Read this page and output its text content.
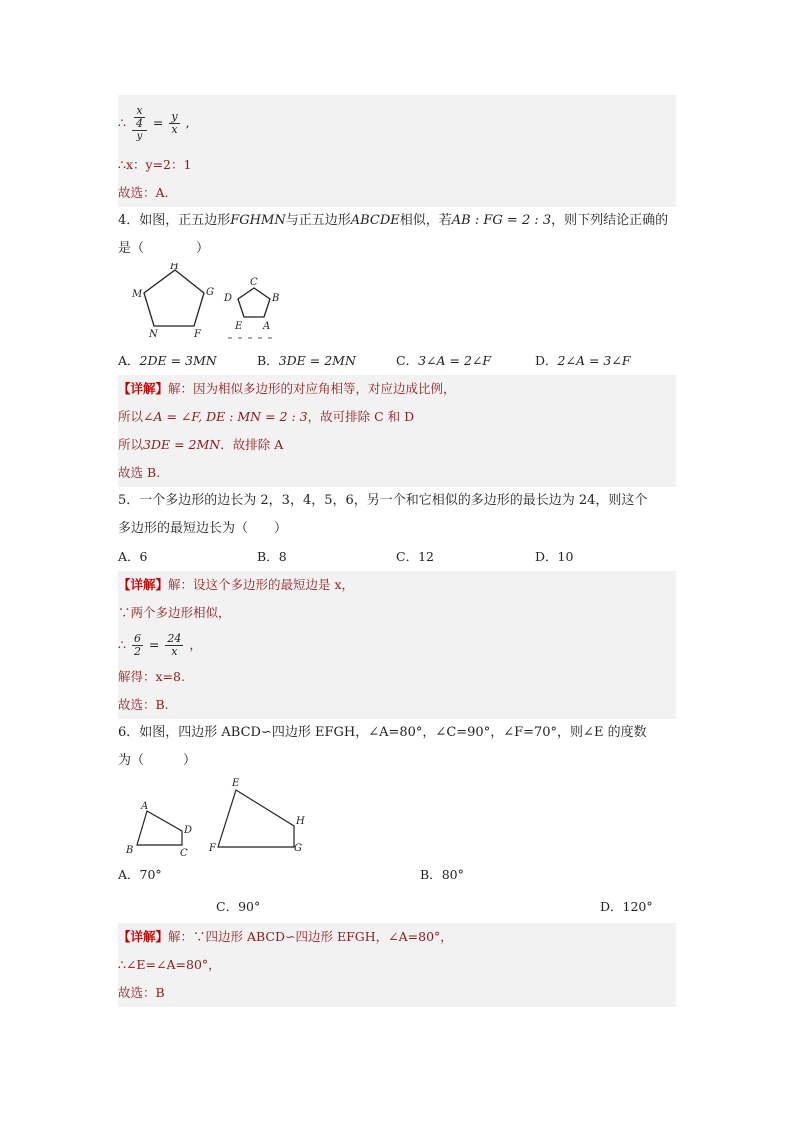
∴ $\frac{\frac{x}{4}}{y} = \frac{y}{x}$ ,
∴x：y=2：1
故选：A.
4．如图，正五边形FGHMN与正五边形ABCDE相似，若AB : FG = 2 : 3，则下列结论正确的
是（　　　　）
H
M	G
N	F
C
D	B
E A
A．2DE = 3MN	B．3DE = 2MN	C．3∠A = 2∠F	D．2∠A = 3∠F
【详解】解：因为相似多边形的对应角相等，对应边成比例，
所以∠A = ∠F, DE : MN = 2 : 3，故可排除 C 和 D
所以3DE = 2MN．故排除 A
故选 B.
5．一个多边形的边长为 2，3，4，5，6，另一个和它相似的多边形的最长边为 24，则这个
多边形的最短边长为（　　）
A．6	B．8	C．12	D．10
【详解】解：设这个多边形的最短边是 x，
∵两个多边形相似，
∴ $\frac{6}{2} = \frac{24}{x}$ ，
解得：x=8.
故选：B.
6．如图，四边形 ABCD∽四边形 EFGH，∠A=80°，∠C=90°，∠F=70°，则∠E 的度数
为（　　　）
A
B	C
D
E
F	G
H
A．70°	B．80°
C．90°	D．120°
【详解】解：∵四边形 ABCD∽四边形 EFGH，∠A=80°，
∴∠E=∠A=80°，
故选：B
